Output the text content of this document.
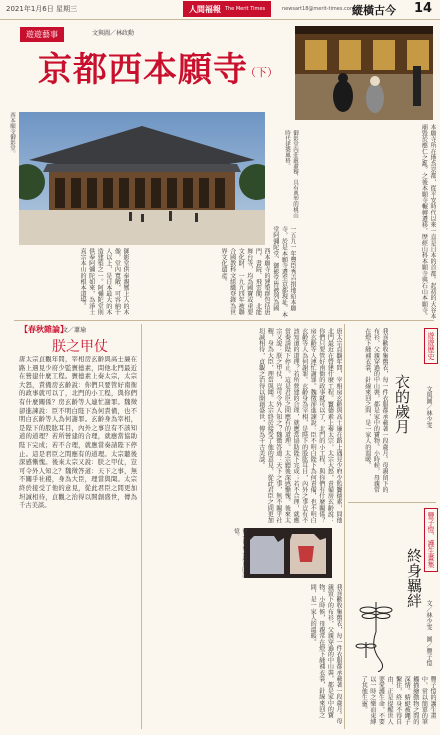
2021年1月6日 星期三	人間福報 The Merit Times	newsart18@merit-times.com.tw
縱橫古今 14
遊遊藝事	文與圖／林政勳
京都西本願寺
（下）
西本願寺御影堂。	御影堂內莊嚴肅穆，具有典型的桃山時代建築風格。	本願寺所在地為京都，從平安時代以來一直是日本的首都。起初的大谷本廟毀於應仁之亂。之後本願寺輾轉遷移，歷經山科本願寺與石山本願寺。
一五九一年豐臣秀吉捐地給本願寺，於是本願寺遷至京都現址。本堂阿彌陀堂、御影堂皆被列為國
西本願寺的建築群包括唐門、書院、飛雲閣、北能舞台等，均為國寶或重要文化財，一九九四年被聯合國教科文組織登錄為世界文化遺產。
御影堂供奉親鸞上人的木像，堂內寬敞，可容納千人以上，是日本最大的木造建築之一。阿彌陀堂則供奉阿彌陀如來，為淨土真宗本山的根本道場。
【春秋雜論】
文／蕭瑜
朕之甲仗

唐太宗貞觀年間，宰相房玄齡與高士廉在路上遇見少府少監竇德素，問他北門最近在營建什麼工程。竇德素上奏太宗，太宗大怒，責備房玄齡說：你們只要管好南衙的政事就可以了，北門的小工程，與你們有什麼關係？房玄齡等人連忙謝罪。魏徵卻進諫說：臣不明白陛下為何責備，也不明白玄齡等人為何謝罪。玄齡身為宰相，是陛下的股肱耳目，內外之事豈有不該知道的道理？若所營建的合理，就應當協助陛下完成；若不合理，就應當奏請陛下停止。這是君臣之間應有的道理。太宗聽後深感慚愧。後來太宗又說：朕之甲仗，豈可令外人知之？魏徵答道：天下之事，無不關乎社稷，身為大臣，理當與聞。太宗終於接受了他的意見，從此君臣之間更加坦誠相待，貞觀之治得以開創盛世，傳為千古美談。	唐太宗貞觀年間，宰相房玄齡與高士廉在路上遇見少府少監竇德素，問他北門最近在營建什麼工程。竇德素上奏太宗，太宗大怒，責備房玄齡說：你們只要管好南衙的政事就可以了，北門的小工程，與你們有什麼關係？房玄齡等人連忙謝罪。魏徵卻進諫說：臣不明白陛下為何責備，也不明白玄齡等人為何謝罪。玄齡身為宰相，是陛下的股肱耳目，內外之事豈有不該知道的道理？若所營建的合理，就應當協助陛下完成；若不合理，就應當奏請陛下停止。這是君臣之間應有的道理。太宗聽後深感慚愧。後來太宗又說：朕之甲仗，豈可令外人知之？魏徵答道：天下之事，無不關乎社稷，身為大臣，理當與聞。太宗終於接受了他的意見，從此君臣之間更加坦誠相待，貞觀之治得以開創盛世，傳為千古美談。
我喜歡收集舊衣，每一件衣服都承載著一段歲月。母親留下的布衫，父親穿過的中山裝，都是家中的寶物。小時候，母親常在燈下縫補衣裳，針線來回之間，是一家人的溫暖。
舊衣留存著歲月的記憶。
遊遊歷史
衣的歲月	文與圖／林少雯
我喜歡收集舊衣，每一件衣服都承載著一段歲月。母親留下的布衫，父親穿過的中山裝，都是家中的寶物。小時候，母親常在燈下縫補衣裳，針線來回之間，是一家人的溫暖。
豐子愷．護生畫集
終身羈絆
文／林少雯　圖／豐子愷
豐子愷的護生畫中，常以簡單的筆觸描繪動物之間的深情。蜻蜓被繩子繫住，終身不得自由，正是提醒世人要愛護生命，不要以一時之樂而束縛了其他生靈。
